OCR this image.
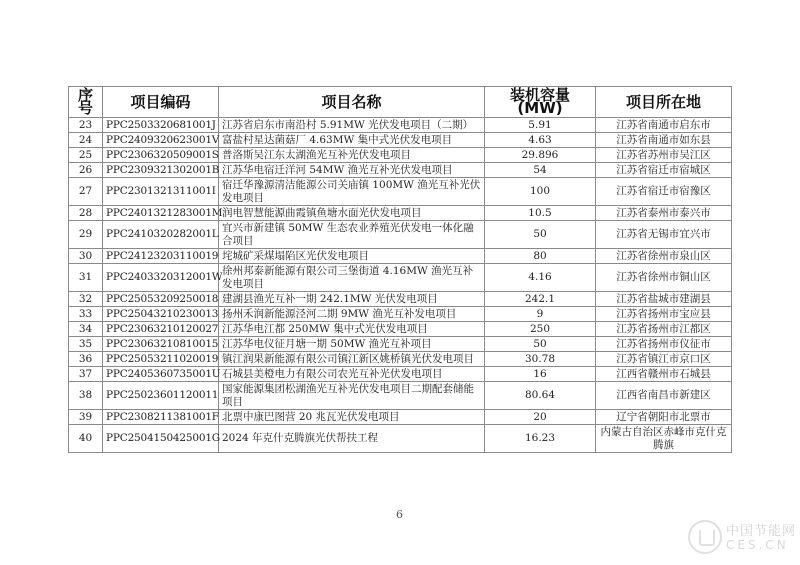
序号	项目编码	项目名称	装机容量(MW)	项目所在地
23	PPC2503320681001J	江苏省启东市南沿村 5.91MW 光伏发电项目（二期）	5.91	江苏省南通市启东市
24	PPC2409320623001V	富盐村星达菌菇厂 4.63MW 集中式光伏发电项目	4.63	江苏省南通市如东县
25	PPC2306320509001S	普洛斯吴江东太湖渔光互补光伏发电项目	29.896	江苏省苏州市吴江区
26	PPC2309321302001B	江苏华电宿迁洋河 54MW 渔光互补光伏发电项目	54	江苏省宿迁市宿城区
27	PPC2301321311001I	宿迁华豫源清洁能源公司关庙镇 100MW 渔光互补光伏发电项目	100	江苏省宿迁市宿豫区
28	PPC2401321283001M	润电智慧能源曲霞镇鱼塘水面光伏发电项目	10.5	江苏省泰州市泰兴市
29	PPC2410320282001L	宜兴市新建镇 50MW 生态农业养殖光伏发电一体化融合项目	50	江苏省无锡市宜兴市
30	PPC24123203110019	垞城矿采煤塌陷区光伏发电项目	80	江苏省徐州市泉山区
31	PPC2403320312001W	徐州邦泰新能源有限公司三堡街道 4.16MW 渔光互补发电项目	4.16	江苏省徐州市铜山区
32	PPC25053209250018	建湖县渔光互补一期 242.1MW 光伏发电项目	242.1	江苏省盐城市建湖县
33	PPC25043210230013	扬州禾润新能源泾河二期 9MW 渔光互补发电项目	9	江苏省扬州市宝应县
34	PPC23063210120027	江苏华电江都 250MW 集中式光伏发电项目	250	江苏省扬州市江都区
35	PPC23063210810015	江苏华电仪征月塘一期 50MW 渔光互补项目	50	江苏省扬州市仪征市
36	PPC25053211020019	镇江润果新能源有限公司镇江新区姚桥镇光伏发电项目	30.78	江苏省镇江市京口区
37	PPC2405360735001U	石城县美橙电力有限公司农光互补光伏发电项目	16	江西省赣州市石城县
38	PPC25023601120011	国家能源集团松湖渔光互补光伏发电项目二期配套储能项目	80.64	江西省南昌市新建区
39	PPC2308211381001F	北票中康巴图营 20 兆瓦光伏发电项目	20	辽宁省朝阳市北票市
40	PPC2504150425001G	2024 年克什克腾旗光伏帮扶工程	16.23	内蒙古自治区赤峰市克什克腾旗
6
中国节能网
CES.CN
